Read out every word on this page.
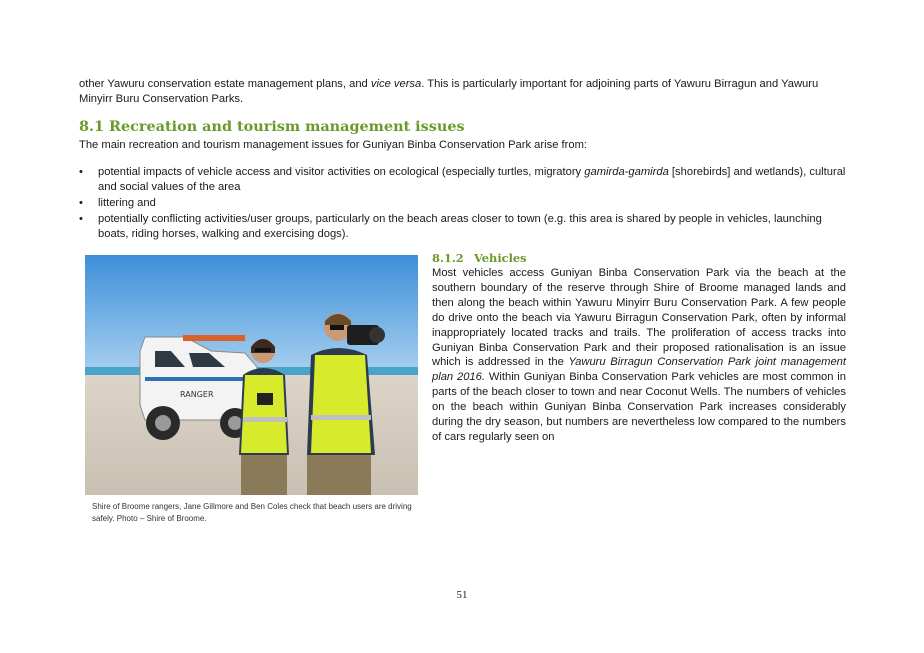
other Yawuru conservation estate management plans, and vice versa. This is particularly important for adjoining parts of Yawuru Birragun and Yawuru Minyirr Buru Conservation Parks.

8.1 Recreation and tourism management issues

The main recreation and tourism management issues for Guniyan Binba Conservation Park arise from:

• potential impacts of vehicle access and visitor activities on ecological (especially turtles, migratory gamirda-gamirda [shorebirds] and wetlands), cultural and social values of the area
• littering and
• potentially conflicting activities/user groups, particularly on the beach areas closer to town (e.g. this area is shared by people in vehicles, launching boats, riding horses, walking and exercising dogs).
RANGER
Shire of Broome rangers, Jane Gillmore and Ben Coles check that beach users are driving safely. Photo – Shire of Broome.
8.1.2 Vehicles

Most vehicles access Guniyan Binba Conservation Park via the beach at the southern boundary of the reserve through Shire of Broome managed lands and then along the beach within Yawuru Minyirr Buru Conservation Park. A few people do drive onto the beach via Yawuru Birragun Conservation Park, often by informal inappropriately located tracks and trails. The proliferation of access tracks into Guniyan Binba Conservation Park and their proposed rationalisation is an issue which is addressed in the Yawuru Birragun Conservation Park joint management plan 2016. Within Guniyan Binba Conservation Park vehicles are most common in parts of the beach closer to town and near Coconut Wells. The numbers of vehicles on the beach within Guniyan Binba Conservation Park increases considerably during the dry season, but numbers are nevertheless low compared to the numbers of cars regularly seen on

51
